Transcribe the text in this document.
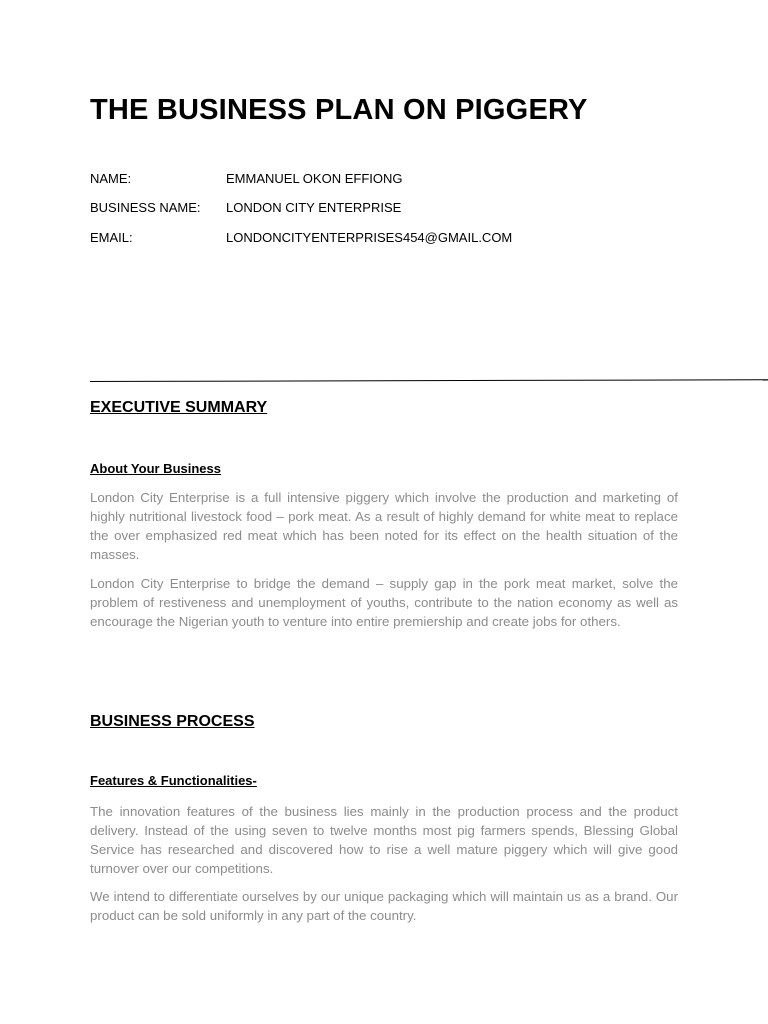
THE BUSINESS PLAN ON PIGGERY
NAME:	EMMANUEL OKON EFFIONG
BUSINESS NAME: LONDON CITY ENTERPRISE
EMAIL:	LONDONCITYENTERPRISES454@GMAIL.COM
EXECUTIVE SUMMARY
About Your Business

London City Enterprise is a full intensive piggery which involve the production and marketing of highly nutritional livestock food – pork meat. As a result of highly demand for white meat to replace the over emphasized red meat which has been noted for its effect on the health situation of the masses.

London City Enterprise to bridge the demand – supply gap in the pork meat market, solve the problem of restiveness and unemployment of youths, contribute to the nation economy as well as encourage the Nigerian youth to venture into entire premiership and create jobs for others.

BUSINESS PROCESS
Features & Functionalities-

The innovation features of the business lies mainly in the production process and the product delivery. Instead of the using seven to twelve months most pig farmers spends, Blessing Global Service has researched and discovered how to rise a well mature piggery which will give good turnover over our competitions.

We intend to differentiate ourselves by our unique packaging which will maintain us as a brand. Our product can be sold uniformly in any part of the country.
